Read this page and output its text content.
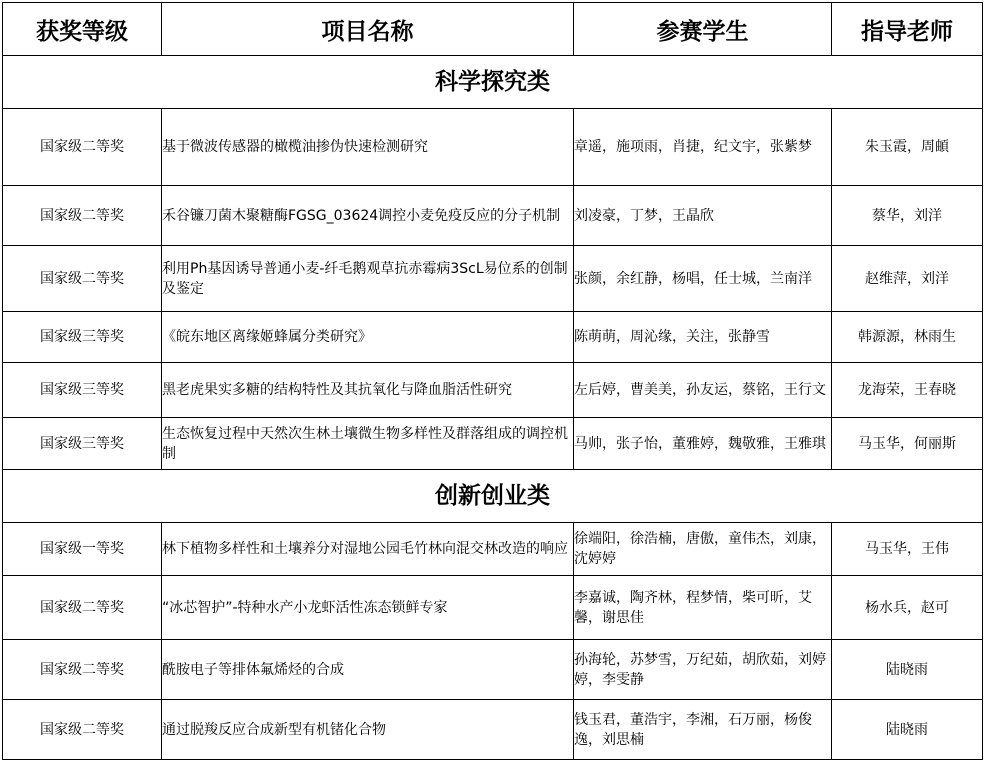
获奖等级	项目名称	参赛学生	指导老师
科学探究类			
国家级二等奖	基于微波传感器的橄榄油掺伪快速检测研究	章遥，施项雨，肖捷，纪文宇，张紫梦	朱玉霞，周頔
国家级二等奖	禾谷镰刀菌木聚糖酶FGSG_03624调控小麦免疫反应的分子机制	刘凌豪，丁梦，王晶欣	蔡华，刘洋
国家级二等奖	利用Ph基因诱导普通小麦-纤毛鹅观草抗赤霉病3ScL易位系的创制及鉴定	张颜，余红静，杨唱，任士城，兰南洋	赵维萍，刘洋
国家级三等奖	《皖东地区离缘姬蜂属分类研究》	陈萌萌，周沁缘，关注，张静雪	韩源源，林雨生
国家级三等奖	黑老虎果实多糖的结构特性及其抗氧化与降血脂活性研究	左后婷，曹美美，孙友运，蔡铭，王行文	龙海荣，王春晓
国家级三等奖	生态恢复过程中天然次生林土壤微生物多样性及群落组成的调控机制	马帅，张子怡，董雅婷，魏敬雅，王雅琪	马玉华，何丽斯
创新创业类			
国家级一等奖	林下植物多样性和土壤养分对湿地公园毛竹林向混交林改造的响应	徐端阳，徐浩楠，唐傲，童伟杰，刘康，沈婷婷	马玉华，王伟
国家级二等奖	“冰芯智护”-特种水产小龙虾活性冻态锁鲜专家	李嘉诚，陶齐林，程梦情，柴可昕，艾馨，谢思佳	杨水兵，赵可
国家级二等奖	酰胺电子等排体氟烯烃的合成	孙海轮，苏梦雪，万纪茹，胡欣茹，刘婷婷，李雯静	陆晓雨
国家级二等奖	通过脱羧反应合成新型有机锗化合物	钱玉君，董浩宇，李湘，石万丽，杨俊逸，刘思楠	陆晓雨
